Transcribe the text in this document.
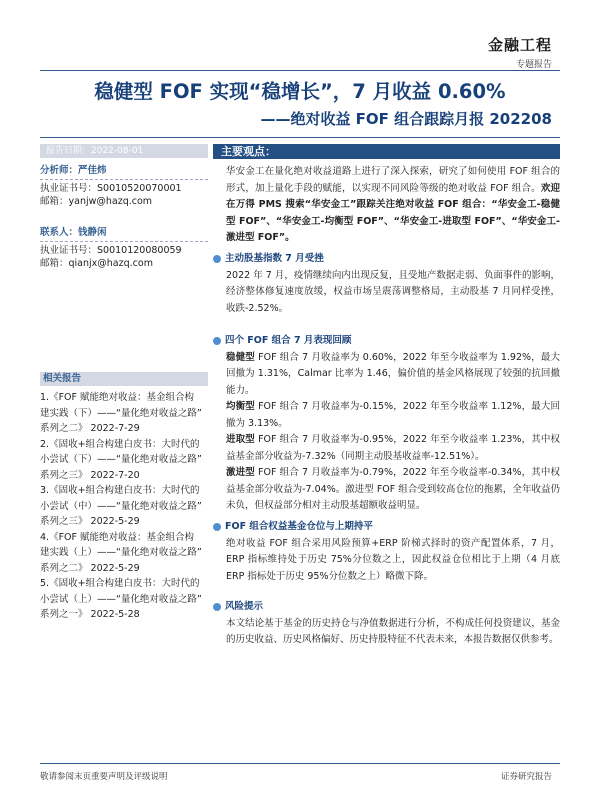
金融工程
专题报告
稳健型 FOF 实现“稳增长”，7 月收益 0.60%
——绝对收益 FOF 组合跟踪月报 202208
报告日期：2022-08-01
分析师：严佳炜
执业证书号：S0010520070001
邮箱：yanjw@hazq.com
联系人：钱静闲
执业证书号：S0010120080059
邮箱：qianjx@hazq.com
相关报告
1.《FOF 赋能绝对收益：基金组合构
建实践（下）——“量化绝对收益之路”
系列之二》 2022-7-29
2.《固收+组合构建白皮书：大时代的
小尝试（下）——“量化绝对收益之路”
系列之三》 2022-7-20
3.《固收+组合构建白皮书：大时代的
小尝试（中）——“量化绝对收益之路”
系列之三》 2022-5-29
4.《FOF 赋能绝对收益：基金组合构
建实践（上）——“量化绝对收益之路”
系列之二》 2022-5-29
5.《固收+组合构建白皮书：大时代的
小尝试（上）——“量化绝对收益之路”
系列之一》 2022-5-28
主要观点：

华安金工在量化绝对收益道路上进行了深入探索，研究了如何使用 FOF 组合的形式，加上量化手段的赋能，以实现不同风险等级的绝对收益 FOF 组合。欢迎在万得 PMS 搜索“华安金工”跟踪关注绝对收益 FOF 组合：“华安金工-稳健型 FOF”、“华安金工-均衡型 FOF”、“华安金工-进取型 FOF”、“华安金工-激进型 FOF”。

主动股基指数 7 月受挫
2022 年 7 月，疫情继续向内出现反复，且受地产数据走弱、负面事件的影响，经济整体修复速度放缓，权益市场呈震荡调整格局，主动股基 7 月同样受挫，收跌-2.52%。
四个 FOF 组合 7 月表现回顾

稳健型 FOF 组合 7 月收益率为 0.60%，2022 年至今收益率为 1.92%，最大回撤为 1.31%，Calmar 比率为 1.46，偏价值的基金风格展现了较强的抗回撤能力。

均衡型 FOF 组合 7 月收益率为-0.15%，2022 年至今收益率 1.12%，最大回撤为 3.13%。

进取型 FOF 组合 7 月收益率为-0.95%，2022 年至今收益率 1.23%，其中权益基金部分收益为-7.32%（同期主动股基收益率-12.51%）。

激进型 FOF 组合 7 月收益率为-0.79%，2022 年至今收益率-0.34%，其中权益基金部分收益为-7.04%。激进型 FOF 组合受到较高仓位的拖累，全年收益仍未负，但权益部分相对主动股基超额收益明显。

FOF 组合权益基金仓位与上期持平
绝对收益 FOF 组合采用风险预算+ERP 阶梯式择时的资产配置体系，7 月，ERP 指标维持处于历史 75%分位数之上，因此权益仓位相比于上期（4 月底 ERP 指标处于历史 95%分位数之上）略微下降。
风险提示
本文结论基于基金的历史持仓与净值数据进行分析，不构成任何投资建议，基金的历史收益、历史风格偏好、历史持股特征不代表未来，本报告数据仅供参考。
敬请参阅末页重要声明及评级说明	证券研究报告
